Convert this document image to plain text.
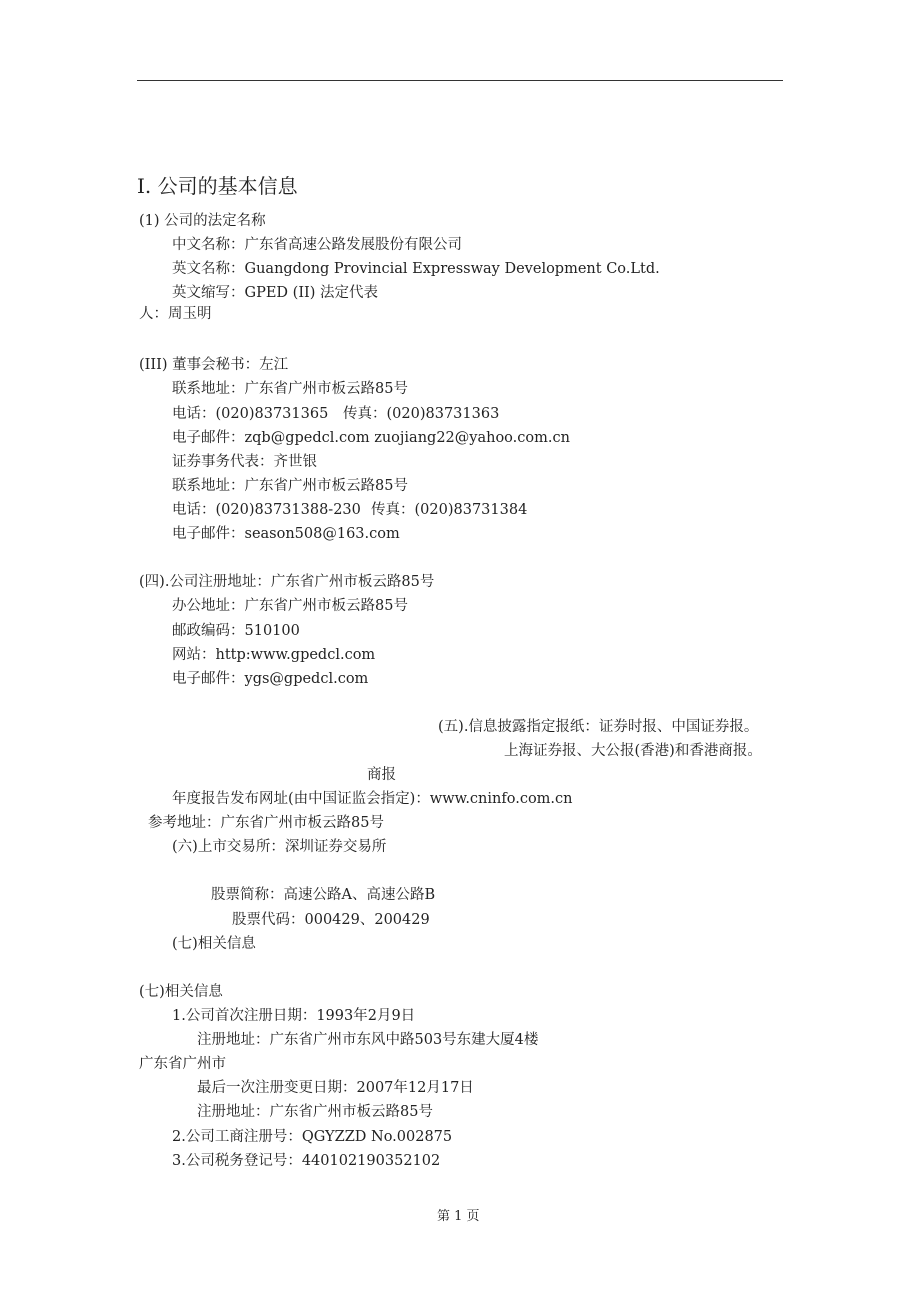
I. 公司的基本信息
(1) 公司的法定名称
中文名称：广东省高速公路发展股份有限公司
英文名称：Guangdong Provincial Expressway Development Co.Ltd.
英文缩写：GPED (II) 法定代表
人：周玉明
(III) 董事会秘书：左江
联系地址：广东省广州市板云路85号
电话：(020)83731365 传真：(020)83731363
电子邮件：zqb@gpedcl.com zuojiang22@yahoo.com.cn
证券事务代表：齐世银
联系地址：广东省广州市板云路85号
电话：(020)83731388-230 传真：(020)83731384
电子邮件：season508@163.com
(四).公司注册地址：广东省广州市板云路85号
办公地址：广东省广州市板云路85号
邮政编码：510100
网站：http:www.gpedcl.com
电子邮件：ygs@gpedcl.com
(五).信息披露指定报纸：证券时报、中国证券报。
上海证券报、大公报(香港)和香港商报。
商报
年度报告发布网址(由中国证监会指定)：www.cninfo.com.cn
参考地址：广东省广州市板云路85号
(六)上市交易所：深圳证券交易所
股票简称：高速公路A、高速公路B
股票代码：000429、200429
(七)相关信息
(七)相关信息
1.公司首次注册日期：1993年2月9日
注册地址：广东省广州市东风中路503号东建大厦4楼
广东省广州市
最后一次注册变更日期：2007年12月17日
注册地址：广东省广州市板云路85号
2.公司工商注册号：QGYZZD No.002875
3.公司税务登记号：440102190352102
第 1 页
